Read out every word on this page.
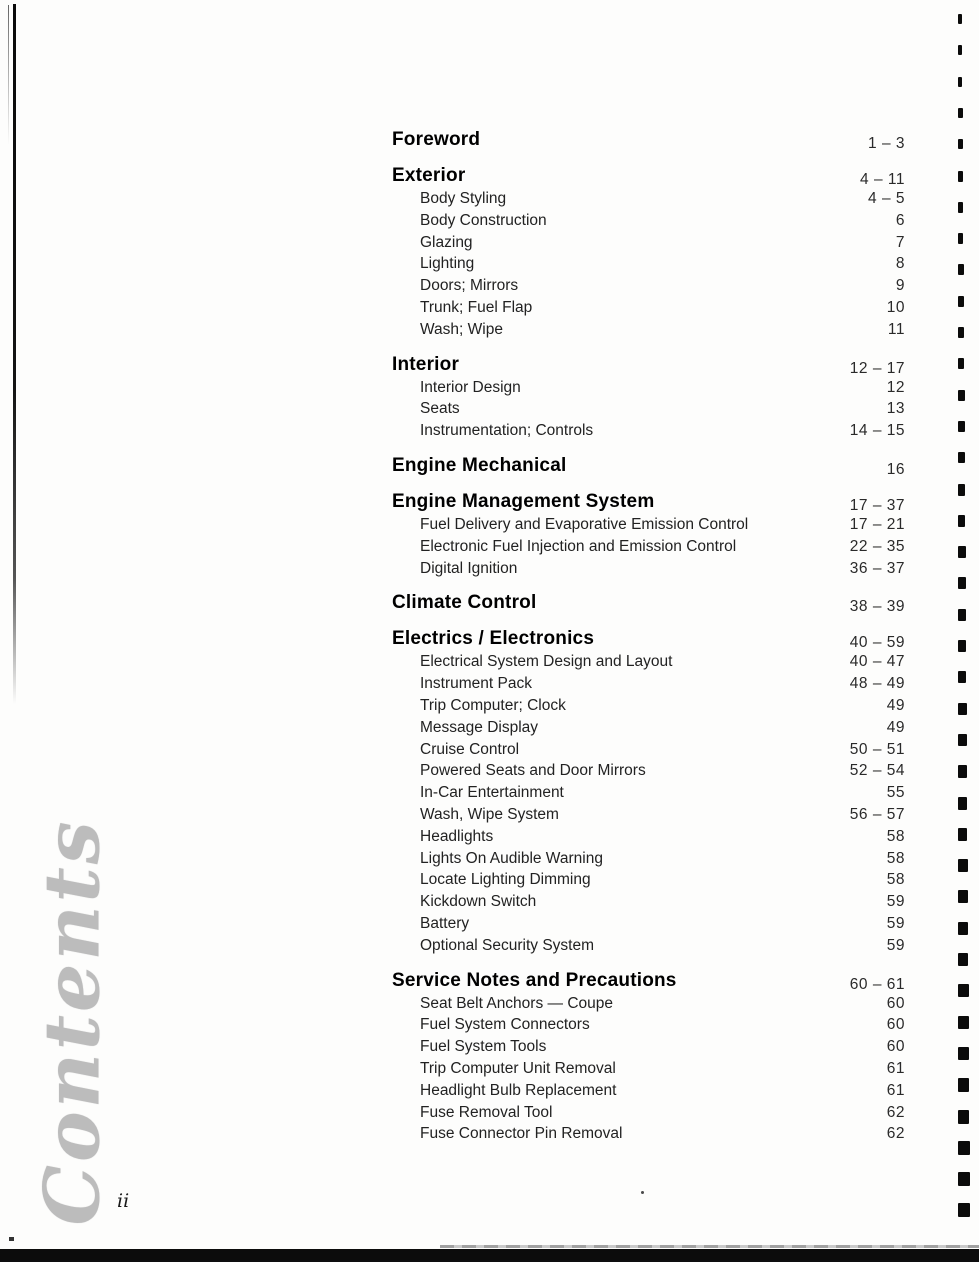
Contents
Foreword	1 – 3
Exterior	4 – 11
Body Styling	4 – 5
Body Construction	6
Glazing	7
Lighting	8
Doors; Mirrors	9
Trunk; Fuel Flap	10
Wash; Wipe	11
Interior	12 – 17
Interior Design	12
Seats	13
Instrumentation; Controls	14 – 15
Engine Mechanical	16
Engine Management System	17 – 37
Fuel Delivery and Evaporative Emission Control	17 – 21
Electronic Fuel Injection and Emission Control	22 – 35
Digital Ignition	36 – 37
Climate Control	38 – 39
Electrics / Electronics	40 – 59
Electrical System Design and Layout	40 – 47
Instrument Pack	48 – 49
Trip Computer; Clock	49
Message Display	49
Cruise Control	50 – 51
Powered Seats and Door Mirrors	52 – 54
In-Car Entertainment	55
Wash, Wipe System	56 – 57
Headlights	58
Lights On Audible Warning	58
Locate Lighting Dimming	58
Kickdown Switch	59
Battery	59
Optional Security System	59
Service Notes and Precautions	60 – 61
Seat Belt Anchors — Coupe	60
Fuel System Connectors	60
Fuel System Tools	60
Trip Computer Unit Removal	61
Headlight Bulb Replacement	61
Fuse Removal Tool	62
Fuse Connector Pin Removal	62
ii
